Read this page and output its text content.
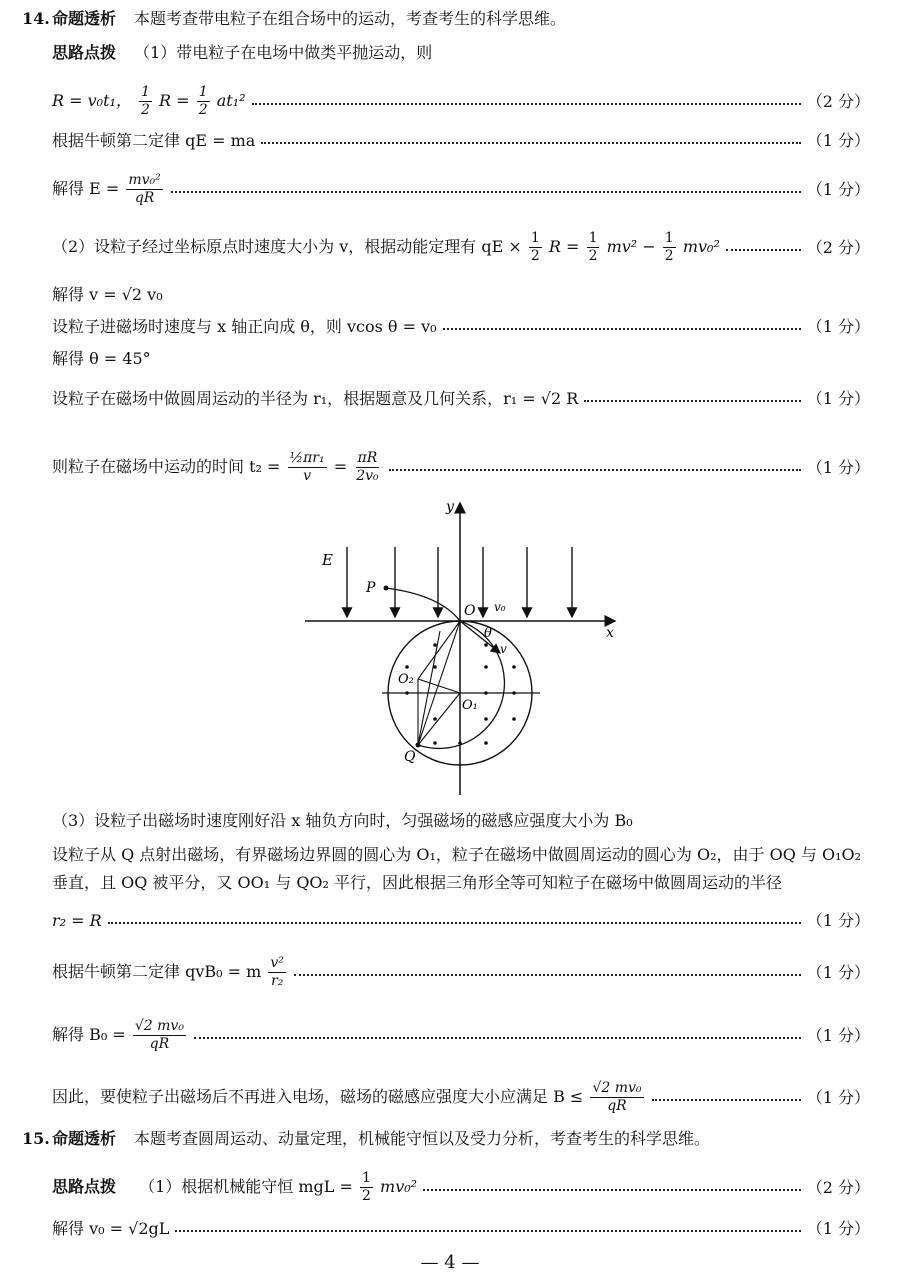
14. 命题透析 本题考查带电粒子在组合场中的运动，考查考生的科学思维。
思路点拨 （1）带电粒子在电场中做类平抛运动，则
R = v₀t₁， $\frac{1}{2}$ $R = \frac{1}{2} at_1^2$	（2 分）
根据牛顿第二定律 qE = ma	（1 分）
解得 $E = \frac{\text{mv₀²}}{qR}$	（1 分）
（2）设粒子经过坐标原点时速度大小为 v，根据动能定理有 qE × $\frac{1}{2}$ $R = \frac{1}{2} mv^2 - \frac{1}{2} mv_0^2$	（2 分）
解得 v = √2 v₀
设粒子进磁场时速度与 x 轴正向成 θ，则 vcos θ = v₀	（1 分）
解得 θ = 45°
设粒子在磁场中做圆周运动的半径为 r₁，根据题意及几何关系，r₁ = √2 R	（1 分）
则粒子在磁场中运动的时间 $t_2 = \frac{\text{½πr₁}}{v} = \frac{\pi R}{\text{2v₀}}$	（1 分）
y
x
E
P
O v₀
θ
v
Q
O₂
O₁
（3）设粒子出磁场时速度刚好沿 x 轴负方向时，匀强磁场的磁感应强度大小为 B₀
设粒子从 Q 点射出磁场，有界磁场边界圆的圆心为 O₁，粒子在磁场中做圆周运动的圆心为 O₂，由于 OQ 与 O₁O₂ 垂直，且 OQ 被平分，又 OO₁ 与 QO₂ 平行，因此根据三角形全等可知粒子在磁场中做圆周运动的半径
r₂ = R	（1 分）
根据牛顿第二定律 qvB₀ = m $\frac{\text{v²}}{\text{r₂}}$	（1 分）
解得 $B_0 = \frac{\text{√2 mv₀}}{qR}$	（1 分）
因此，要使粒子出磁场后不再进入电场，磁场的磁感应强度大小应满足 $B \le \frac{\text{√2 mv₀}}{qR}$	（1 分）
15. 命题透析 本题考查圆周运动、动量定理，机械能守恒以及受力分析，考查考生的科学思维。
思路点拨 （1）根据机械能守恒 mgL = $\frac{1}{2} mv_0^2$	（2 分）
解得 v₀ = √2gL	（1 分）
— 4 —
